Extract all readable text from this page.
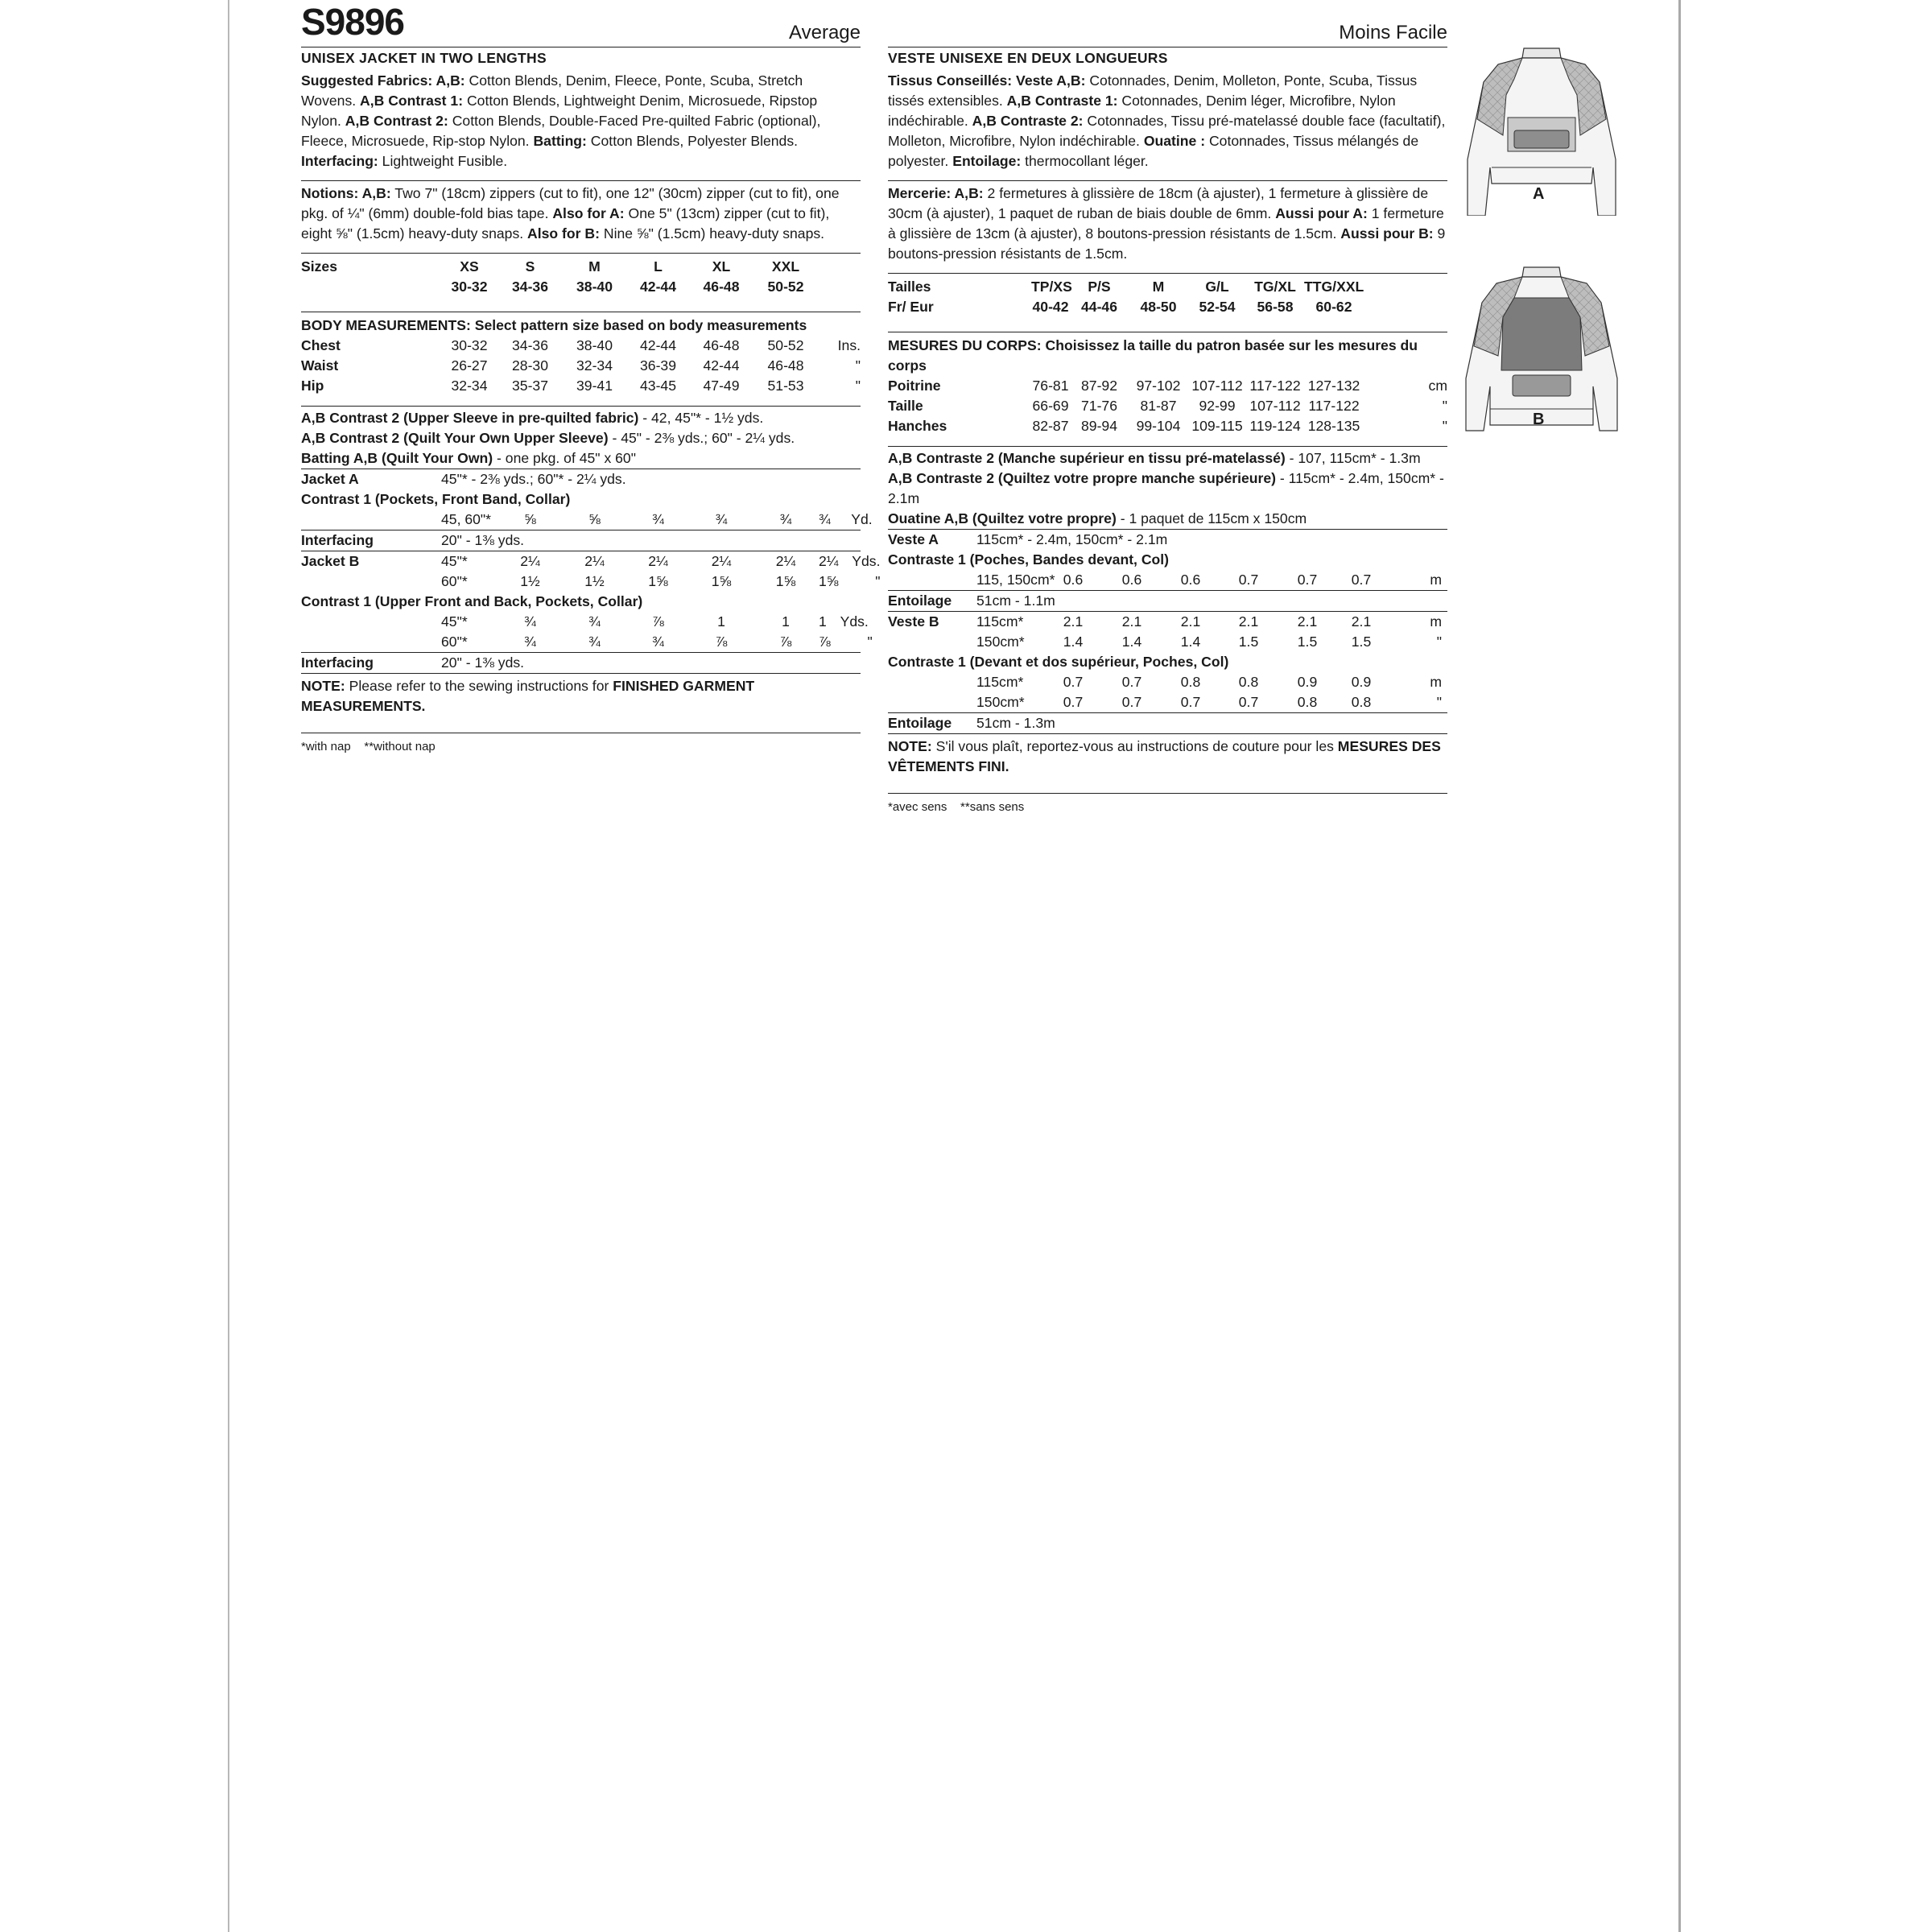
S9896	Average
UNISEX JACKET IN TWO LENGTHS
Suggested Fabrics: A,B: Cotton Blends, Denim, Fleece, Ponte, Scuba, Stretch Wovens. A,B Contrast 1: Cotton Blends, Lightweight Denim, Microsuede, Ripstop Nylon. A,B Contrast 2: Cotton Blends, Double-Faced Pre-quilted Fabric (optional), Fleece, Microsuede, Rip-stop Nylon. Batting: Cotton Blends, Polyester Blends. Interfacing: Lightweight Fusible.
Notions: A,B: Two 7" (18cm) zippers (cut to fit), one 12" (30cm) zipper (cut to fit), one pkg. of ¼" (6mm) double-fold bias tape. Also for A: One 5" (13cm) zipper (cut to fit), eight ⅝" (1.5cm) heavy-duty snaps. Also for B: Nine ⅝" (1.5cm) heavy-duty snaps.
Sizes	XS	S	M	L	XL	XXL
30-32	34-36	38-40	42-44	46-48	50-52
BODY MEASUREMENTS: Select pattern size based on body measurements
Chest	30-32	34-36	38-40	42-44	46-48	50-52	Ins.
Waist	26-27	28-30	32-34	36-39	42-44	46-48	"
Hip	32-34	35-37	39-41	43-45	47-49	51-53	"
A,B Contrast 2 (Upper Sleeve in pre-quilted fabric) - 42, 45"* - 1½ yds.
A,B Contrast 2 (Quilt Your Own Upper Sleeve) - 45" - 2⅜ yds.; 60" - 2¼ yds.
Batting A,B (Quilt Your Own) - one pkg. of 45" x 60"
Jacket A	45"* - 2⅜ yds.; 60"* - 2¼ yds.
Contrast 1 (Pockets, Front Band, Collar)
45, 60"*	⅝	⅝	¾	¾	¾	¾ Yd.
Interfacing	20" - 1⅜ yds.
Jacket B	45"*	2¼	2¼	2¼	2¼	2¼	2¼ Yds.
60"*	1½	1½	1⅝	1⅝	1⅝	1⅝	"
Contrast 1 (Upper Front and Back, Pockets, Collar)
45"*	¾	¾	⅞	1	1	1 Yds.
60"*	¾	¾	¾	⅞	⅞	⅞	"
Interfacing	20" - 1⅜ yds.
NOTE: Please refer to the sewing instructions for FINISHED GARMENT MEASUREMENTS.
*with nap    **without nap
Moins Facile
VESTE UNISEXE EN DEUX LONGUEURS
Tissus Conseillés: Veste A,B: Cotonnades, Denim, Molleton, Ponte, Scuba, Tissus tissés extensibles. A,B Contraste 1: Cotonnades, Denim léger, Microfibre, Nylon indéchirable. A,B Contraste 2: Cotonnades, Tissu pré-matelassé double face (facultatif), Molleton, Microfibre, Nylon indéchirable. Ouatine : Cotonnades, Tissus mélangés de polyester. Entoilage: thermocollant léger.
Mercerie: A,B: 2 fermetures à glissière de 18cm (à ajuster), 1 fermeture à glissière de 30cm (à ajuster), 1 paquet de ruban de biais double de 6mm. Aussi pour A: 1 fermeture à glissière de 13cm (à ajuster), 8 boutons-pression résistants de 1.5cm. Aussi pour B: 9 boutons-pression résistants de 1.5cm.
Tailles	TP/XS	P/S	M	G/L	TG/XL TTG/XXL
Fr/ Eur	40-42 44-46	48-50	52-54	56-58	60-62
MESURES DU CORPS: Choisissez la taille du patron basée sur les mesures du corps
Poitrine	76-81 87-92	97-102 107-112 117-122 127-132	cm
Taille	66-69 71-76	81-87	92-99	107-112 117-122	"
Hanches	82-87 89-94	99-104 109-115 119-124 128-135	"
A,B Contraste 2 (Manche supérieur en tissu pré-matelassé) - 107, 115cm* - 1.3m
A,B Contraste 2 (Quiltez votre propre manche supérieure) - 115cm* - 2.4m, 150cm* - 2.1m
Ouatine A,B (Quiltez votre propre) - 1 paquet de 115cm x 150cm
Veste A	115cm* - 2.4m, 150cm* - 2.1m
Contraste 1 (Poches, Bandes devant, Col)
115, 150cm* 0.6	0.6	0.6	0.7	0.7	0.7	m
Entoilage	51cm - 1.1m
Veste B	115cm*	2.1	2.1	2.1	2.1	2.1	2.1	m
150cm*	1.4	1.4	1.4	1.5	1.5	1.5	"
Contraste 1 (Devant et dos supérieur, Poches, Col)
115cm*	0.7	0.7	0.8	0.8	0.9	0.9	m
150cm*	0.7	0.7	0.7	0.7	0.8	0.8	"
Entoilage	51cm - 1.3m
NOTE: S'il vous plaît, reportez-vous au instructions de couture pour les MESURES DES VÊTEMENTS FINI.
*avec sens    **sans sens
A
B
